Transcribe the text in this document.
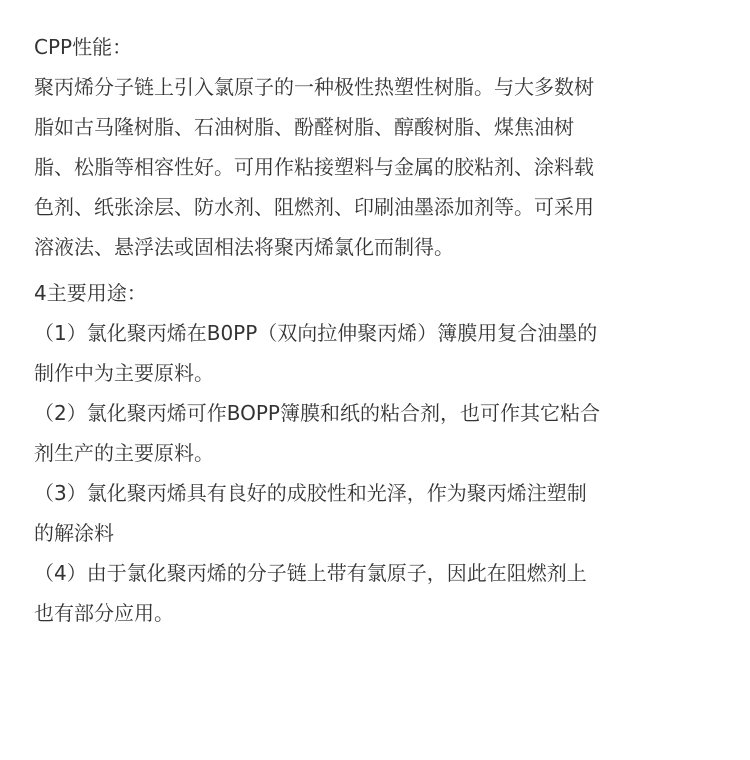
CPP性能：
聚丙烯分子链上引入氯原子的一种极性热塑性树脂。与大多数树
脂如古马隆树脂、石油树脂、酚醛树脂、醇酸树脂、煤焦油树
脂、松脂等相容性好。可用作粘接塑料与金属的胶粘剂、涂料载
色剂、纸张涂层、防水剂、阻燃剂、印刷油墨添加剂等。可采用
溶液法、悬浮法或固相法将聚丙烯氯化而制得。
4主要用途：
（1）氯化聚丙烯在B0PP（双向拉伸聚丙烯）簿膜用复合油墨的
制作中为主要原料。
（2）氯化聚丙烯可作BOPP簿膜和纸的粘合剂，也可作其它粘合
剂生产的主要原料。
（3）氯化聚丙烯具有良好的成胶性和光泽，作为聚丙烯注塑制
的解涂料
（4）由于氯化聚丙烯的分子链上带有氯原子，因此在阻燃剂上
也有部分应用。
